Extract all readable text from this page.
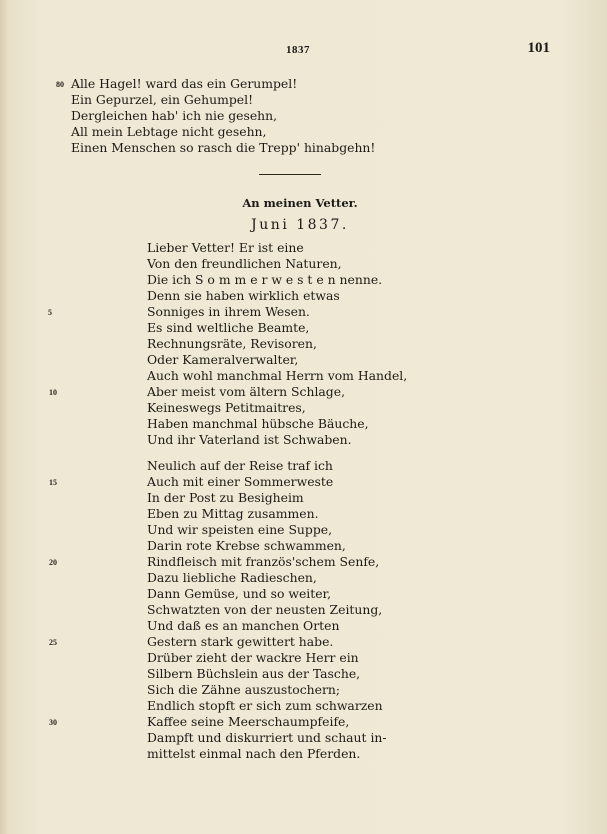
1837	101
80 Alle Hagel! ward das ein Gerumpel!
Ein Gepurzel, ein Gehumpel!
Dergleichen hab' ich nie gesehn,
All mein Lebtage nicht gesehn,
Einen Menschen so rasch die Trepp' hinabgehn!
An meinen Vetter.
Juni 1837.
Lieber Vetter! Er ist eine
Von den freundlichen Naturen,
Die ich S o m m e r w e s t e n nenne.
Denn sie haben wirklich etwas
Sonniges in ihrem Wesen.
Es sind weltliche Beamte,
Rechnungsräte, Revisoren,
Oder Kameralverwalter,
Auch wohl manchmal Herrn vom Handel,
Aber meist vom ältern Schlage,
Keineswegs Petitmaitres,
Haben manchmal hübsche Bäuche,
Und ihr Vaterland ist Schwaben.
Neulich auf der Reise traf ich
Auch mit einer Sommerweste
In der Post zu Besigheim
Eben zu Mittag zusammen.
Und wir speisten eine Suppe,
Darin rote Krebse schwammen,
Rindfleisch mit französ'schem Senfe,
Dazu liebliche Radieschen,
Dann Gemüse, und so weiter,
Schwatzten von der neusten Zeitung,
Und daß es an manchen Orten
Gestern stark gewittert habe.
Drüber zieht der wackre Herr ein
Silbern Büchslein aus der Tasche,
Sich die Zähne auszustochern;
Endlich stopft er sich zum schwarzen
Kaffee seine Meerschaumpfeife,
Dampft und diskurriert und schaut in-
mittelst einmal nach den Pferden.
5
10
15
20
25
30
